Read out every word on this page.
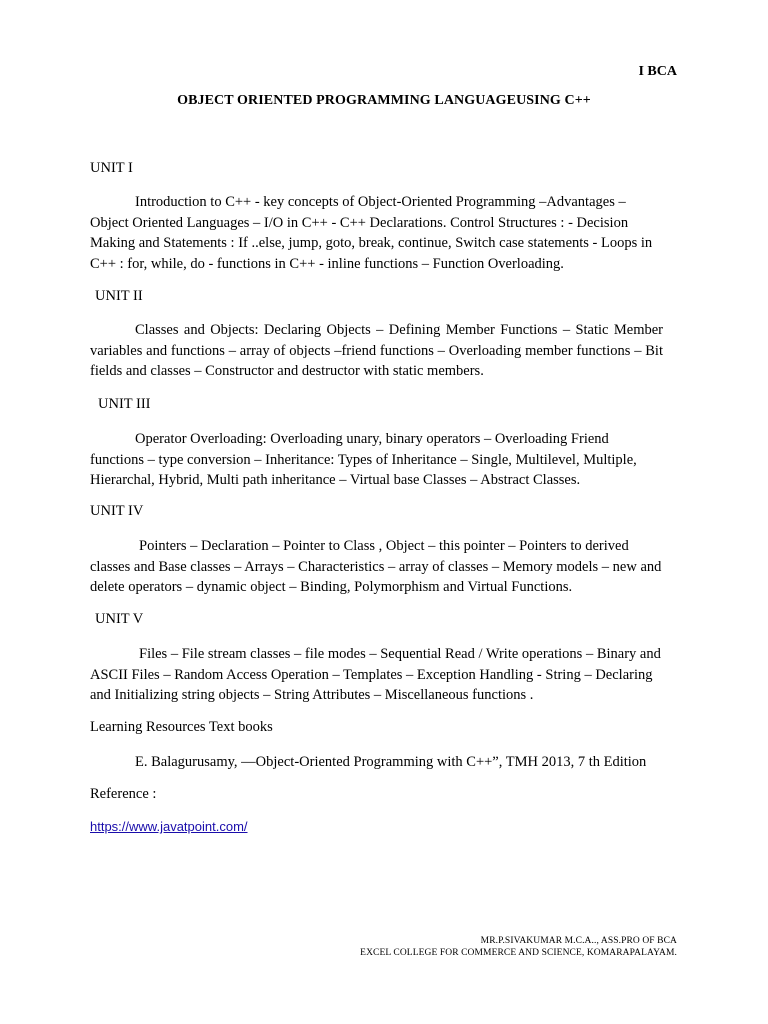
I BCA
OBJECT ORIENTED PROGRAMMING LANGUAGEUSING C++
UNIT I
Introduction to C++ - key concepts of Object-Oriented Programming –Advantages – Object Oriented Languages – I/O in C++ - C++ Declarations. Control Structures : - Decision Making and Statements : If ..else, jump, goto, break, continue, Switch case statements - Loops in C++ : for, while, do - functions in C++ - inline functions – Function Overloading.
UNIT II
Classes and Objects: Declaring Objects – Defining Member Functions – Static Member variables and functions – array of objects –friend functions – Overloading member functions – Bit fields and classes – Constructor and destructor with static members.
UNIT III
Operator Overloading: Overloading unary, binary operators – Overloading Friend functions – type conversion – Inheritance: Types of Inheritance – Single, Multilevel, Multiple, Hierarchal, Hybrid, Multi path inheritance – Virtual base Classes – Abstract Classes.
UNIT IV
Pointers – Declaration – Pointer to Class , Object – this pointer – Pointers to derived classes and Base classes – Arrays – Characteristics – array of classes – Memory models – new and delete operators – dynamic object – Binding, Polymorphism and Virtual Functions.
UNIT V
Files – File stream classes – file modes – Sequential Read / Write operations – Binary and ASCII Files – Random Access Operation – Templates – Exception Handling - String – Declaring and Initializing string objects – String Attributes – Miscellaneous functions .
Learning Resources Text books
E. Balagurusamy, —Object-Oriented Programming with C++”, TMH 2013, 7 th Edition
Reference :
https://www.javatpoint.com/
MR.P.SIVAKUMAR M.C.A.., ASS.PRO OF BCA
EXCEL COLLEGE FOR COMMERCE AND SCIENCE, KOMARAPALAYAM.
